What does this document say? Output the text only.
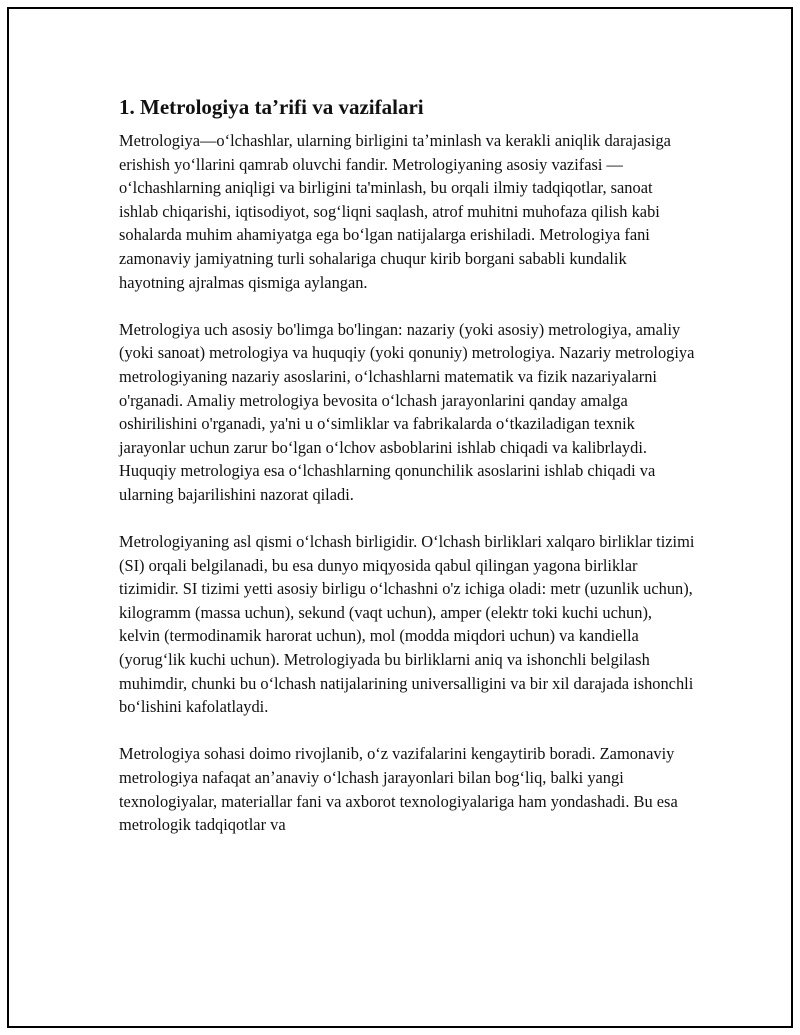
1. Metrologiya ta’rifi va vazifalari

Metrologiya—oʻlchashlar, ularning birligini taʼminlash va kerakli aniqlik darajasiga erishish yoʻllarini qamrab oluvchi fandir. Metrologiyaning asosiy vazifasi — oʻlchashlarning aniqligi va birligini ta'minlash, bu orqali ilmiy tadqiqotlar, sanoat ishlab chiqarishi, iqtisodiyot, sogʻliqni saqlash, atrof muhitni muhofaza qilish kabi sohalarda muhim ahamiyatga ega boʻlgan natijalarga erishiladi. Metrologiya fani zamonaviy jamiyatning turli sohalariga chuqur kirib borgani sababli kundalik hayotning ajralmas qismiga aylangan.

Metrologiya uch asosiy bo'limga bo'lingan: nazariy (yoki asosiy) metrologiya, amaliy (yoki sanoat) metrologiya va huquqiy (yoki qonuniy) metrologiya. Nazariy metrologiya metrologiyaning nazariy asoslarini, oʻlchashlarni matematik va fizik nazariyalarni o'rganadi. Amaliy metrologiya bevosita oʻlchash jarayonlarini qanday amalga oshirilishini o'rganadi, ya'ni u oʻsimliklar va fabrikalarda oʻtkaziladigan texnik jarayonlar uchun zarur boʻlgan oʻlchov asboblarini ishlab chiqadi va kalibrlaydi. Huquqiy metrologiya esa oʻlchashlarning qonunchilik asoslarini ishlab chiqadi va ularning bajarilishini nazorat qiladi.

Metrologiyaning asl qismi oʻlchash birligidir. Oʻlchash birliklari xalqaro birliklar tizimi (SI) orqali belgilanadi, bu esa dunyo miqyosida qabul qilingan yagona birliklar tizimidir. SI tizimi yetti asosiy birligu oʻlchashni o'z ichiga oladi: metr (uzunlik uchun), kilogramm (massa uchun), sekund (vaqt uchun), amper (elektr toki kuchi uchun), kelvin (termodinamik harorat uchun), mol (modda miqdori uchun) va kandiella (yorugʻlik kuchi uchun). Metrologiyada bu birliklarni aniq va ishonchli belgilash muhimdir, chunki bu oʻlchash natijalarining universalligini va bir xil darajada ishonchli boʻlishini kafolatlaydi.

Metrologiya sohasi doimo rivojlanib, oʻz vazifalarini kengaytirib boradi. Zamonaviy metrologiya nafaqat anʼanaviy oʻlchash jarayonlari bilan bogʻliq, balki yangi texnologiyalar, materiallar fani va axborot texnologiyalariga ham yondashadi. Bu esa metrologik tadqiqotlar va
